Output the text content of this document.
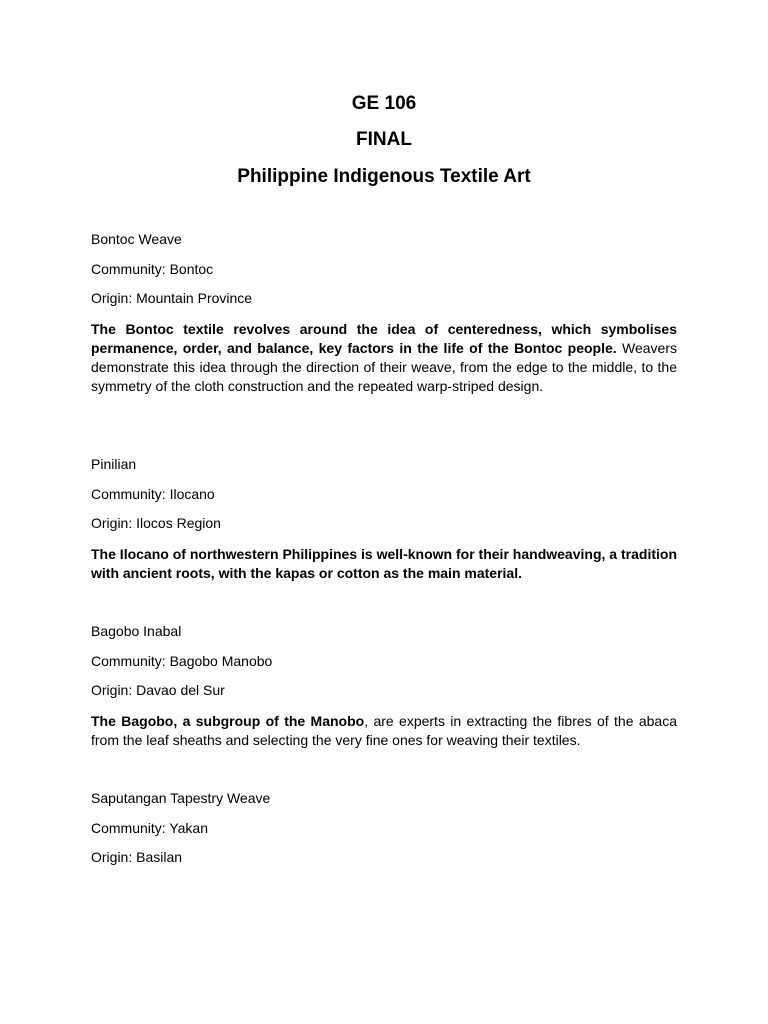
GE 106

FINAL

Philippine Indigenous Textile Art

Bontoc Weave

Community: Bontoc

Origin: Mountain Province

The Bontoc textile revolves around the idea of centeredness, which symbolises permanence, order, and balance, key factors in the life of the Bontoc people. Weavers demonstrate this idea through the direction of their weave, from the edge to the middle, to the symmetry of the cloth construction and the repeated warp-striped design.

Pinilian

Community: Ilocano

Origin: Ilocos Region

The Ilocano of northwestern Philippines is well-known for their handweaving, a tradition with ancient roots, with the kapas or cotton as the main material.

Bagobo Inabal

Community: Bagobo Manobo

Origin: Davao del Sur

The Bagobo, a subgroup of the Manobo, are experts in extracting the fibres of the abaca from the leaf sheaths and selecting the very fine ones for weaving their textiles.

Saputangan Tapestry Weave

Community: Yakan

Origin: Basilan
